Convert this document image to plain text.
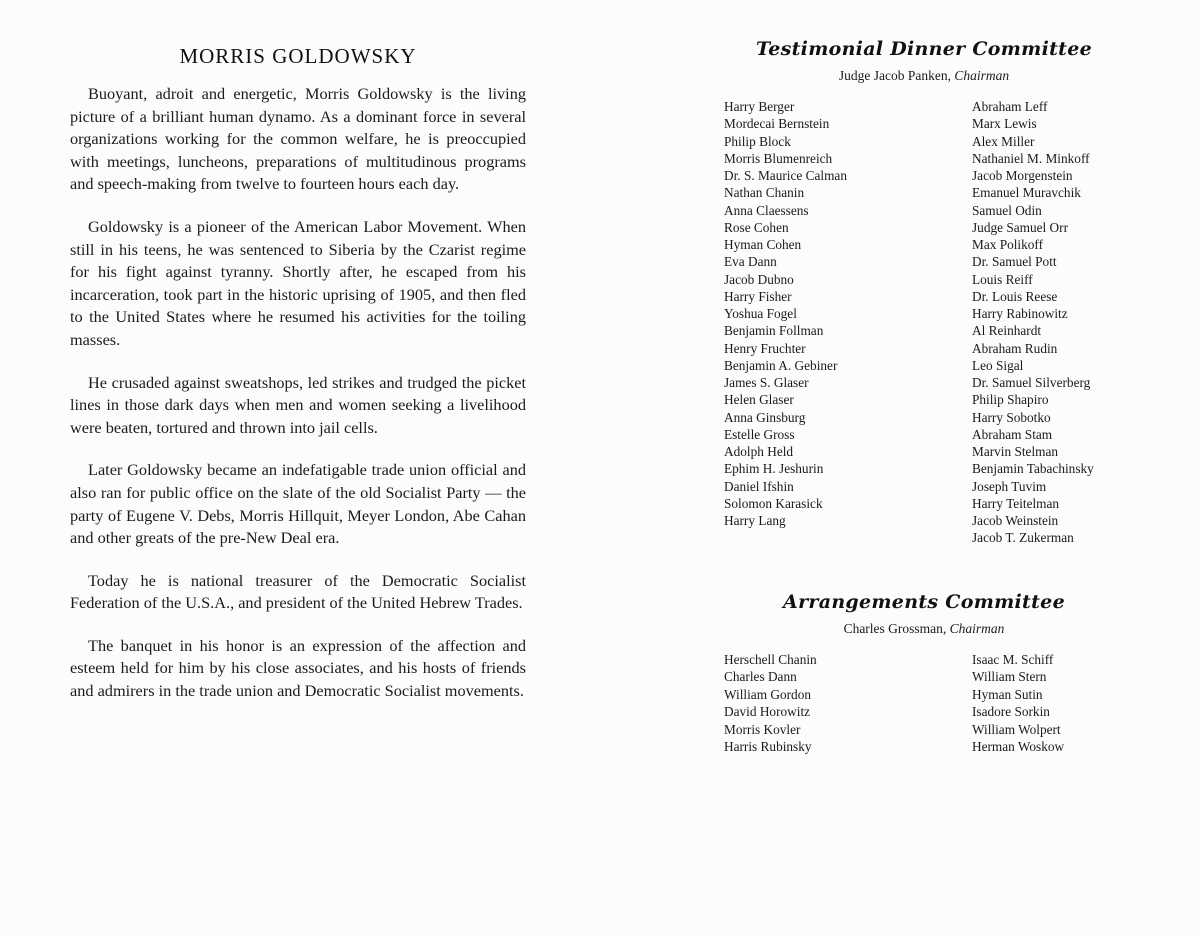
MORRIS GOLDOWSKY

Buoyant, adroit and energetic, Morris Goldowsky is the living picture of a brilliant human dynamo. As a dominant force in several organizations working for the common welfare, he is preoccupied with meetings, luncheons, preparations of multitudinous programs and speech-making from twelve to fourteen hours each day.

Goldowsky is a pioneer of the American Labor Movement. When still in his teens, he was sentenced to Siberia by the Czarist regime for his fight against tyranny. Shortly after, he escaped from his incarceration, took part in the historic uprising of 1905, and then fled to the United States where he resumed his activities for the toiling masses.

He crusaded against sweatshops, led strikes and trudged the picket lines in those dark days when men and women seeking a livelihood were beaten, tortured and thrown into jail cells.

Later Goldowsky became an indefatigable trade union official and also ran for public office on the slate of the old Socialist Party — the party of Eugene V. Debs, Morris Hillquit, Meyer London, Abe Cahan and other greats of the pre-New Deal era.

Today he is national treasurer of the Democratic Socialist Federation of the U.S.A., and president of the United Hebrew Trades.

The banquet in his honor is an expression of the affection and esteem held for him by his close associates, and his hosts of friends and admirers in the trade union and Democratic Socialist movements.

Testimonial Dinner Committee
Judge Jacob Panken, Chairman
Harry Berger
Mordecai Bernstein
Philip Block
Morris Blumenreich
Dr. S. Maurice Calman
Nathan Chanin
Anna Claessens
Rose Cohen
Hyman Cohen
Eva Dann
Jacob Dubno
Harry Fisher
Yoshua Fogel
Benjamin Follman
Henry Fruchter
Benjamin A. Gebiner
James S. Glaser
Helen Glaser
Anna Ginsburg
Estelle Gross
Adolph Held
Ephim H. Jeshurin
Daniel Ifshin
Solomon Karasick
Harry Lang
Abraham Leff
Marx Lewis
Alex Miller
Nathaniel M. Minkoff
Jacob Morgenstein
Emanuel Muravchik
Samuel Odin
Judge Samuel Orr
Max Polikoff
Dr. Samuel Pott
Louis Reiff
Dr. Louis Reese
Harry Rabinowitz
Al Reinhardt
Abraham Rudin
Leo Sigal
Dr. Samuel Silverberg
Philip Shapiro
Harry Sobotko
Abraham Stam
Marvin Stelman
Benjamin Tabachinsky
Joseph Tuvim
Harry Teitelman
Jacob Weinstein
Jacob T. Zukerman
Arrangements Committee
Charles Grossman, Chairman
Herschell Chanin
Charles Dann
William Gordon
David Horowitz
Morris Kovler
Harris Rubinsky
Isaac M. Schiff
William Stern
Hyman Sutin
Isadore Sorkin
William Wolpert
Herman Woskow
